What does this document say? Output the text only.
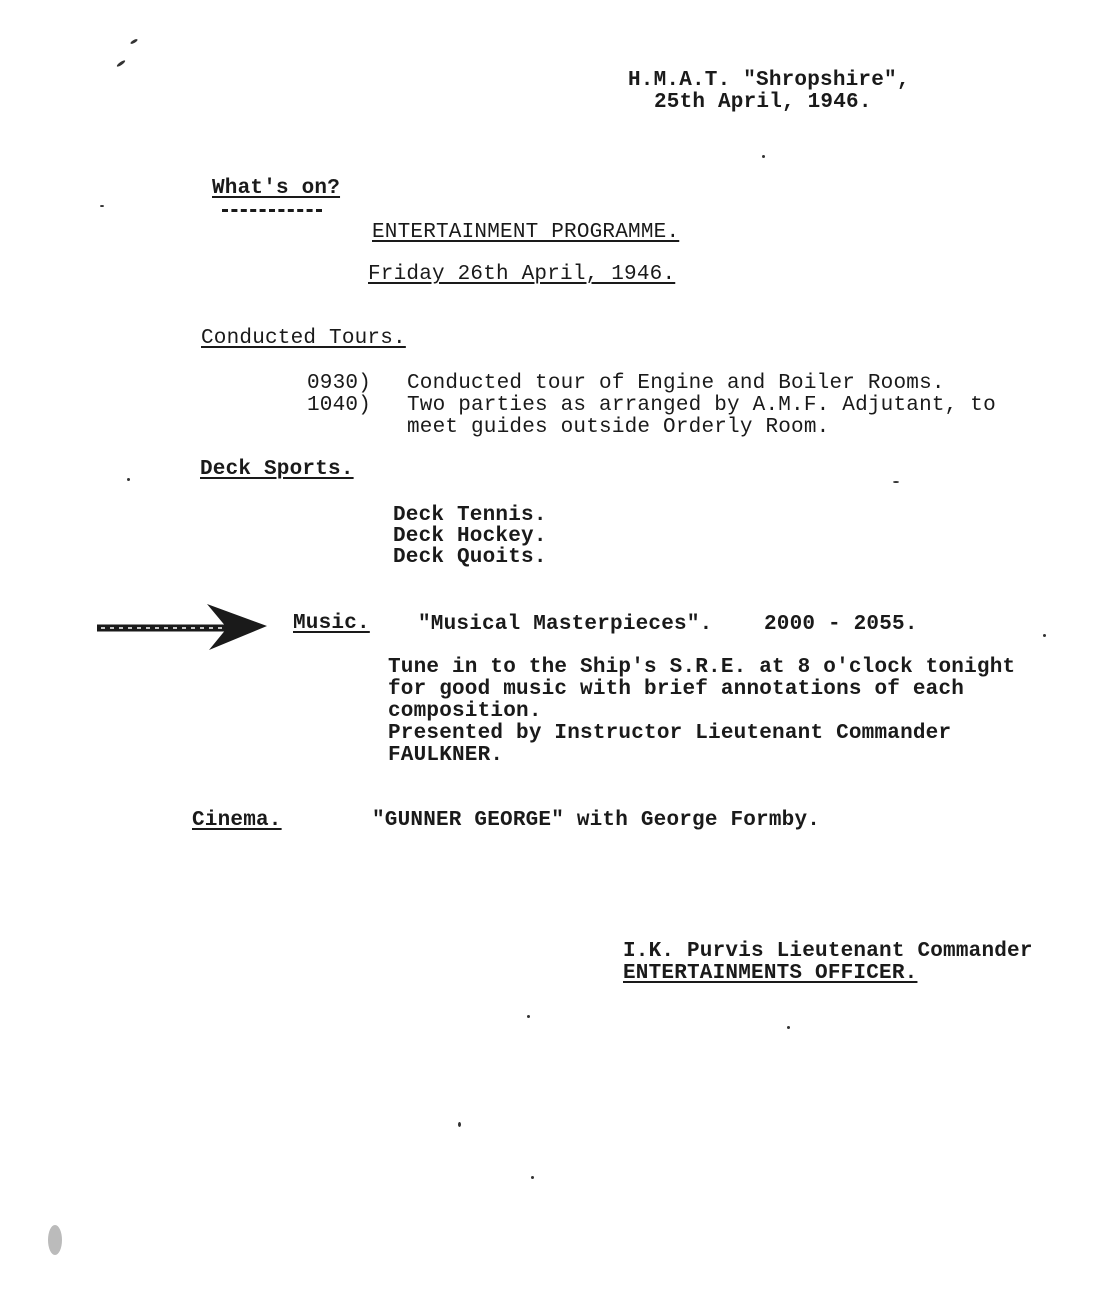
H.M.A.T. "Shropshire",
25th April, 1946.
What's on?
ENTERTAINMENT PROGRAMME.
Friday 26th April, 1946.
Conducted Tours.
0930)
1040)
Conducted tour of Engine and Boiler Rooms.
Two parties as arranged by A.M.F. Adjutant, to
meet guides outside Orderly Room.
Deck Sports.
Deck Tennis.
Deck Hockey.
Deck Quoits.
Music. "Musical Masterpieces". 2000 - 2055.
Tune in to the Ship's S.R.E. at 8 o'clock tonight
for good music with brief annotations of each
composition.
Presented by Instructor Lieutenant Commander
FAULKNER.
Cinema.	"GUNNER GEORGE" with George Formby.
I.K. Purvis Lieutenant Commander
ENTERTAINMENTS OFFICER.
